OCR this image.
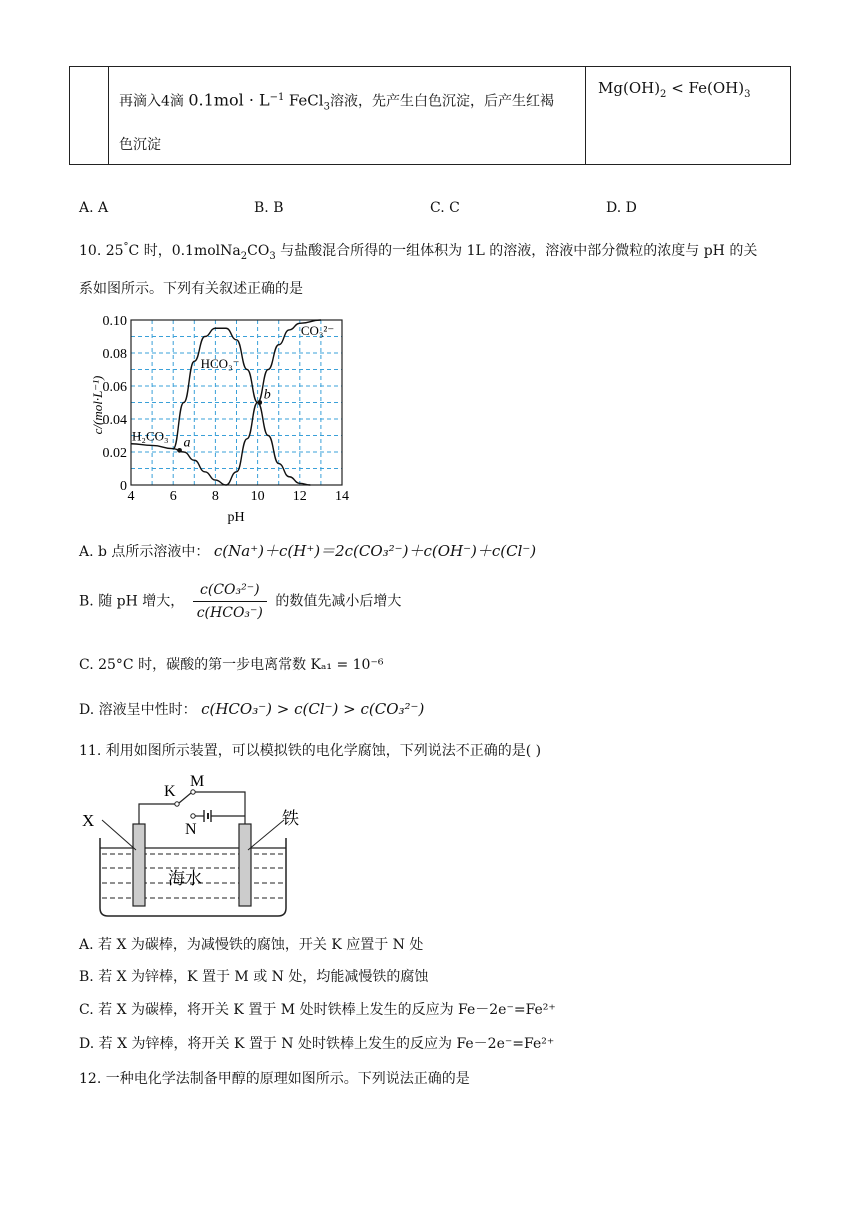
	再滴入4滴 $0.1mol \cdot L^{-1}$ FeCl$_3$溶液，先产生白色沉淀，后产生红褐
色沉淀	$Mg(OH)_2 < Fe(OH)_3$
A. A	B. B	C. C	D. D
10. 25°C 时，$0.1molNa_2CO_3$ 与盐酸混合所得的一组体积为 1L 的溶液，溶液中部分微粒的浓度与 pH 的关
系如图所示。下列有关叙述正确的是
4	6	8 10 12 14
0
0.02
0.04
0.06
0.08
0.10
a
b
H₂CO₃
HCO₃⁻
CO₃²⁻
pH
c/(mol·L⁻¹)
A. b 点所示溶液中： c(Na⁺)＋c(H⁺)＝2c(CO₃²⁻)＋c(OH⁻)＋c(Cl⁻)
B. 随 pH 增大， $\frac{\text{c(CO₃²⁻)}}{\text{c(HCO₃⁻)}}$ 的数值先减小后增大
C. 25°C 时，碳酸的第一步电离常数 Kₐ₁ = 10⁻⁶
D. 溶液呈中性时： c(HCO₃⁻) > c(Cl⁻) > c(CO₃²⁻)
11. 利用如图所示装置，可以模拟铁的电化学腐蚀，下列说法不正确的是( )
X
K
M
N
铁
海水
A. 若 X 为碳棒，为减慢铁的腐蚀，开关 K 应置于 N 处
B. 若 X 为锌棒，K 置于 M 或 N 处，均能减慢铁的腐蚀
C. 若 X 为碳棒，将开关 K 置于 M 处时铁棒上发生的反应为 Fe－2e⁻=Fe²⁺
D. 若 X 为锌棒，将开关 K 置于 N 处时铁棒上发生的反应为 Fe－2e⁻=Fe²⁺
12. 一种电化学法制备甲醇的原理如图所示。下列说法正确的是
